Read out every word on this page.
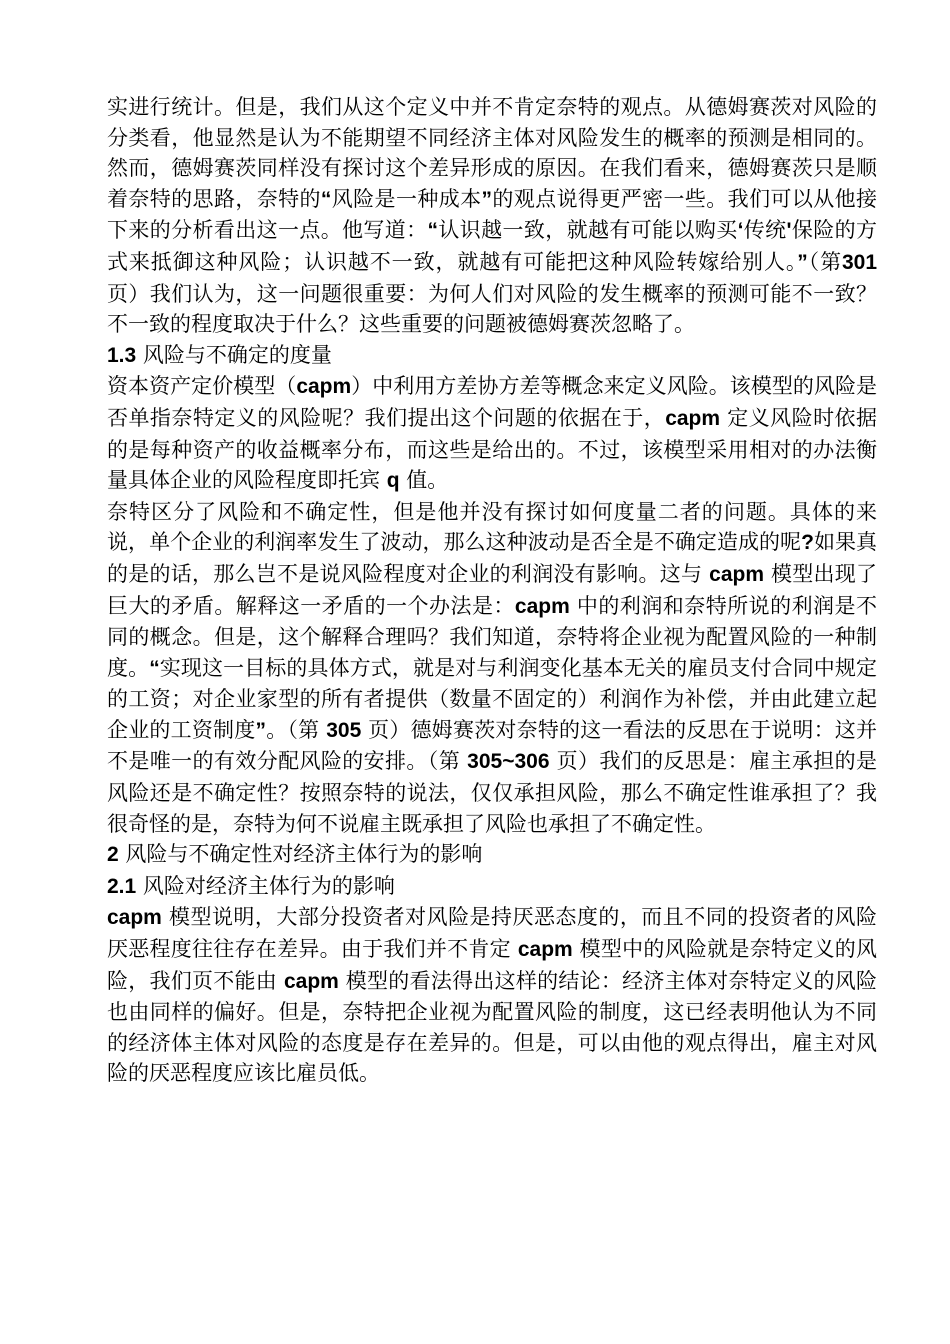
实进行统计。但是，我们从这个定义中并不肯定奈特的观点。从德姆赛茨对风险的分类看，他显然是认为不能期望不同经济主体对风险发生的概率的预测是相同的。然而，德姆赛茨同样没有探讨这个差异形成的原因。在我们看来，德姆赛茨只是顺着奈特的思路，奈特的“风险是一种成本”的观点说得更严密一些。我们可以从他接下来的分析看出这一点。他写道：“认识越一致，就越有可能以购买‘传统'保险的方式来抵御这种风险；认识越不一致，就越有可能把这种风险转嫁给别人。”（第301页）我们认为，这一问题很重要：为何人们对风险的发生概率的预测可能不一致？不一致的程度取决于什么？这些重要的问题被德姆赛茨忽略了。

1.3 风险与不确定的度量

资本资产定价模型（capm）中利用方差协方差等概念来定义风险。该模型的风险是否单指奈特定义的风险呢？我们提出这个问题的依据在于，capm 定义风险时依据的是每种资产的收益概率分布，而这些是给出的。不过，该模型采用相对的办法衡量具体企业的风险程度即托宾 q 值。

奈特区分了风险和不确定性，但是他并没有探讨如何度量二者的问题。具体的来说，单个企业的利润率发生了波动，那么这种波动是否全是不确定造成的呢?如果真的是的话，那么岂不是说风险程度对企业的利润没有影响。这与 capm 模型出现了巨大的矛盾。解释这一矛盾的一个办法是：capm 中的利润和奈特所说的利润是不同的概念。但是，这个解释合理吗？我们知道，奈特将企业视为配置风险的一种制度。“实现这一目标的具体方式，就是对与利润变化基本无关的雇员支付合同中规定的工资；对企业家型的所有者提供（数量不固定的）利润作为补偿，并由此建立起企业的工资制度”。（第 305 页）德姆赛茨对奈特的这一看法的反思在于说明：这并不是唯一的有效分配风险的安排。（第 305~306 页）我们的反思是：雇主承担的是风险还是不确定性？按照奈特的说法，仅仅承担风险，那么不确定性谁承担了？我很奇怪的是，奈特为何不说雇主既承担了风险也承担了不确定性。

2 风险与不确定性对经济主体行为的影响

2.1 风险对经济主体行为的影响

capm 模型说明，大部分投资者对风险是持厌恶态度的，而且不同的投资者的风险厌恶程度往往存在差异。由于我们并不肯定 capm 模型中的风险就是奈特定义的风险，我们页不能由 capm 模型的看法得出这样的结论：经济主体对奈特定义的风险也由同样的偏好。但是，奈特把企业视为配置风险的制度，这已经表明他认为不同的经济体主体对风险的态度是存在差异的。但是，可以由他的观点得出，雇主对风险的厌恶程度应该比雇员低。
